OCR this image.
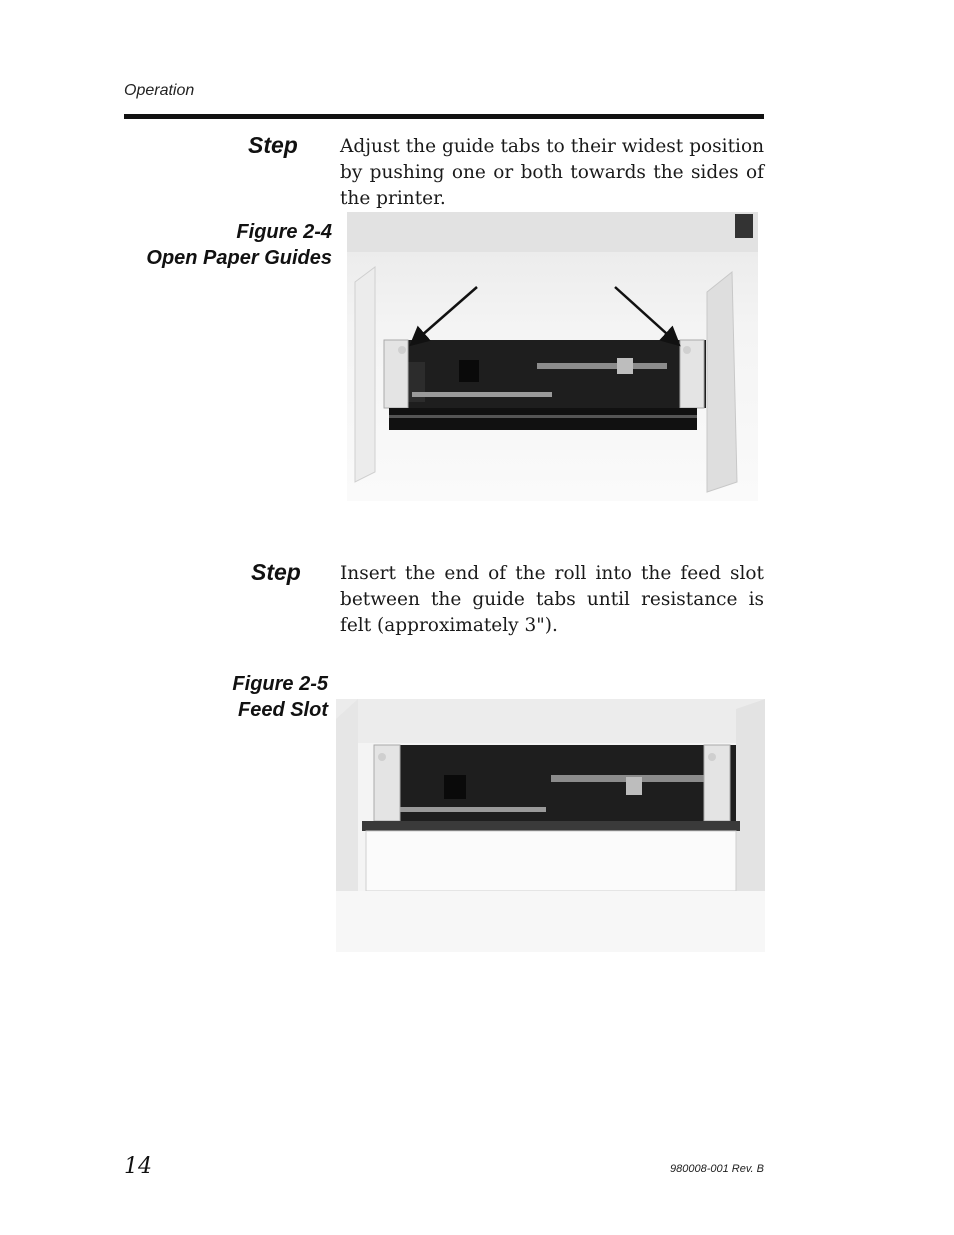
Operation
Step Adjust the guide tabs to their widest position by pushing one or both towards the sides of the printer.
Figure 2-4
Open Paper Guides
Step Insert the end of the roll into the feed slot between the guide tabs until resistance is felt (approximately 3").
Figure 2-5
Feed Slot
14	980008-001 Rev. B
